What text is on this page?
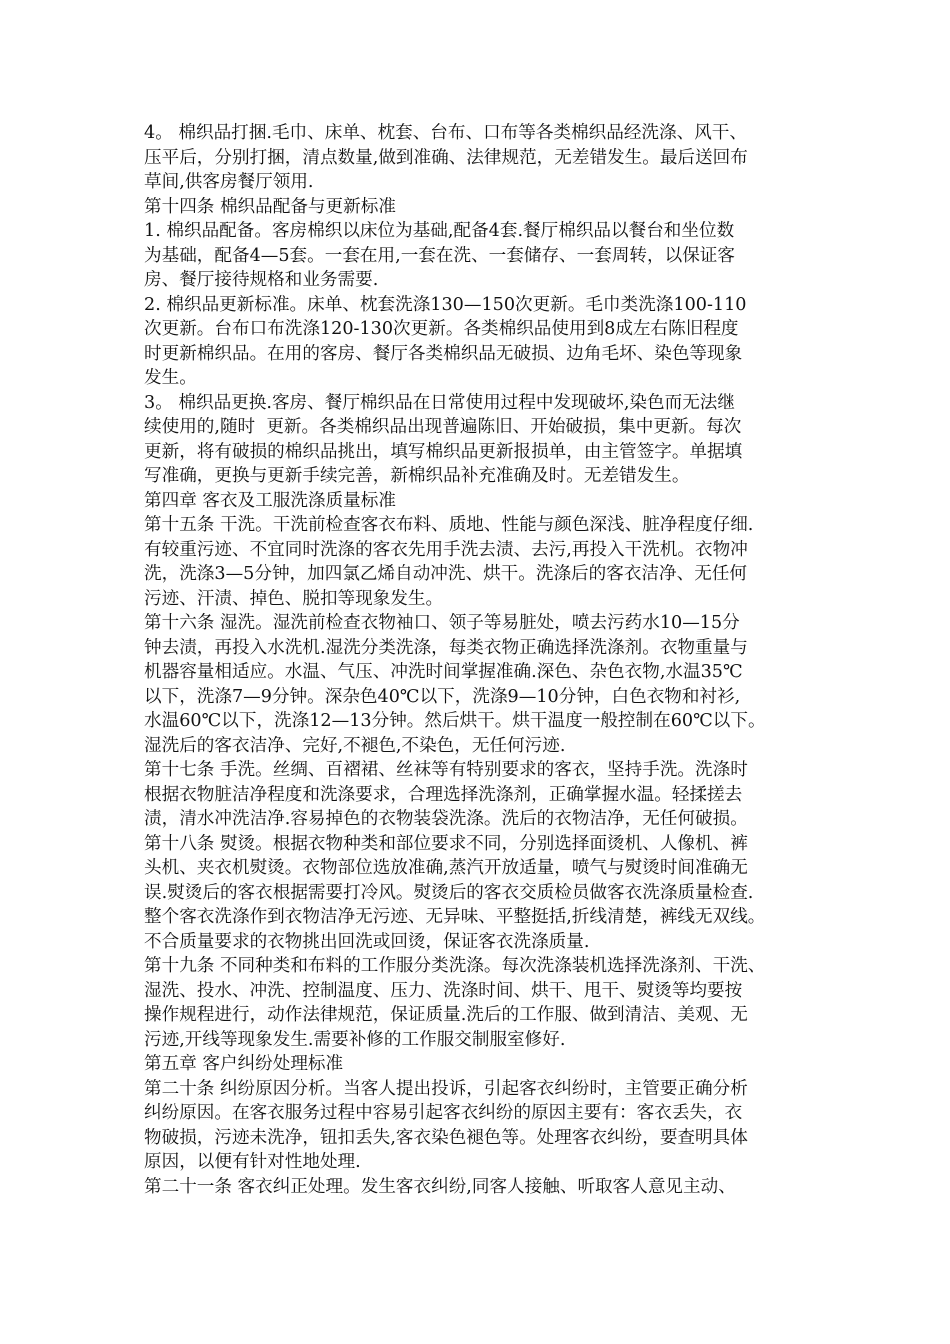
4。 棉织品打捆.毛巾、床单、枕套、台布、口布等各类棉织品经洗涤、风干、
压平后，分别打捆，清点数量,做到准确、法律规范，无差错发生。最后送回布
草间,供客房餐厅领用.
第十四条 棉织品配备与更新标准
1. 棉织品配备。客房棉织以床位为基础,配备4套.餐厅棉织品以餐台和坐位数
为基础，配备4—5套。一套在用,一套在洗、一套储存、一套周转，以保证客
房、餐厅接待规格和业务需要.
2. 棉织品更新标准。床单、枕套洗涤130—150次更新。毛巾类洗涤100-110
次更新。台布口布洗涤120-130次更新。各类棉织品使用到8成左右陈旧程度
时更新棉织品。在用的客房、餐厅各类棉织品无破损、边角毛坏、染色等现象
发生。
3。 棉织品更换.客房、餐厅棉织品在日常使用过程中发现破坏,染色而无法继
续使用的,随时  更新。各类棉织品出现普遍陈旧、开始破损，集中更新。每次
更新，将有破损的棉织品挑出，填写棉织品更新报损单，由主管签字。单据填
写准确，更换与更新手续完善，新棉织品补充准确及时。无差错发生。
第四章 客衣及工服洗涤质量标准
第十五条 干洗。干洗前检查客衣布料、质地、性能与颜色深浅、脏净程度仔细.
有较重污迹、不宜同时洗涤的客衣先用手洗去渍、去污,再投入干洗机。衣物冲
洗，洗涤3—5分钟，加四氯乙烯自动冲洗、烘干。洗涤后的客衣洁净、无任何
污迹、汗渍、掉色、脱扣等现象发生。
第十六条 湿洗。湿洗前检查衣物袖口、领子等易脏处，喷去污药水10—15分
钟去渍，再投入水洗机.湿洗分类洗涤，每类衣物正确选择洗涤剂。衣物重量与
机器容量相适应。水温、气压、冲洗时间掌握准确.深色、杂色衣物,水温35℃
以下，洗涤7—9分钟。深杂色40℃以下，洗涤9—10分钟，白色衣物和衬衫,
水温60℃以下，洗涤12—13分钟。然后烘干。烘干温度一般控制在60℃以下。
湿洗后的客衣洁净、完好,不褪色,不染色，无任何污迹.
第十七条 手洗。丝绸、百褶裙、丝袜等有特别要求的客衣，坚持手洗。洗涤时
根据衣物脏洁净程度和洗涤要求，合理选择洗涤剂，正确掌握水温。轻揉搓去
渍，清水冲洗洁净.容易掉色的衣物装袋洗涤。洗后的衣物洁净，无任何破损。
第十八条 熨烫。根据衣物种类和部位要求不同，分别选择面烫机、人像机、裤
头机、夹衣机熨烫。衣物部位选放准确,蒸汽开放适量，喷气与熨烫时间准确无
误.熨烫后的客衣根据需要打冷风。熨烫后的客衣交质检员做客衣洗涤质量检查.
整个客衣洗涤作到衣物洁净无污迹、无异味、平整挺括,折线清楚，裤线无双线。
不合质量要求的衣物挑出回洗或回烫，保证客衣洗涤质量.
第十九条 不同种类和布料的工作服分类洗涤。每次洗涤装机选择洗涤剂、干洗、
湿洗、投水、冲洗、控制温度、压力、洗涤时间、烘干、甩干、熨烫等均要按
操作规程进行，动作法律规范，保证质量.洗后的工作服、做到清洁、美观、无
污迹,开线等现象发生.需要补修的工作服交制服室修好.
第五章 客户纠纷处理标准
第二十条 纠纷原因分析。当客人提出投诉，引起客衣纠纷时，主管要正确分析
纠纷原因。在客衣服务过程中容易引起客衣纠纷的原因主要有：客衣丢失，衣
物破损，污迹未洗净，钮扣丢失,客衣染色褪色等。处理客衣纠纷，要查明具体
原因，以便有针对性地处理.
第二十一条 客衣纠正处理。发生客衣纠纷,同客人接触、听取客人意见主动、
